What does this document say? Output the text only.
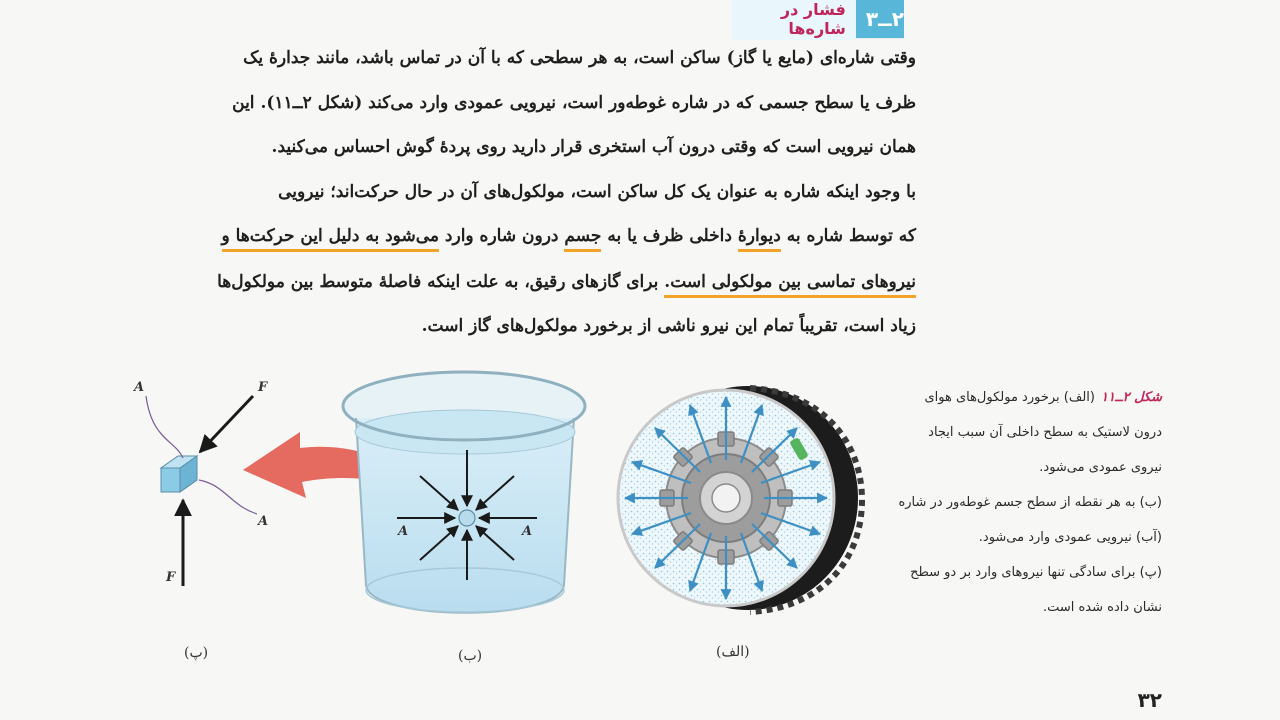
۲ــ۳
فشار در شاره‌ها
وقتی شاره‌ای (مایع یا گاز) ساکن است، به هر سطحی که با آن در تماس باشد، مانند جدارۀ یک
ظرف یا سطح جسمی که در شاره غوطه‌ور است، نیرویی عمودی وارد می‌کند (شکل ۲ــ۱۱). این
همان نیرویی است که وقتی درون آب استخری قرار دارید روی پردۀ گوش احساس می‌کنید.
با وجود اینکه شاره به عنوان یک کل ساکن است، مولکول‌های آن در حال حرکت‌اند؛ نیرویی
که توسط شاره به دیوارۀ داخلی ظرف یا به جسم درون شاره وارد می‌شود به دلیل این حرکت‌ها و
نیروهای تماسی بین مولکولی است. برای گازهای رقیق، به علت اینکه فاصلۀ متوسط بین مولکول‌ها
زیاد است، تقریباً تمام این نیرو ناشی از برخورد مولکول‌های گاز است.
A	F
A
F
A	A
(پ)	(ب)	(الف)

شکل ۲ــ۱۱(الف) برخورد مولکول‌های هوای

درون لاستیک به سطح داخلی آن سبب ایجاد

نیروی عمودی می‌شود.

(ب) به هر نقطه از سطح جسم غوطه‌ور در شاره

(آب) نیرویی عمودی وارد می‌شود.

(پ) برای سادگی تنها نیروهای وارد بر دو سطح

نشان داده شده است.

۳۲
